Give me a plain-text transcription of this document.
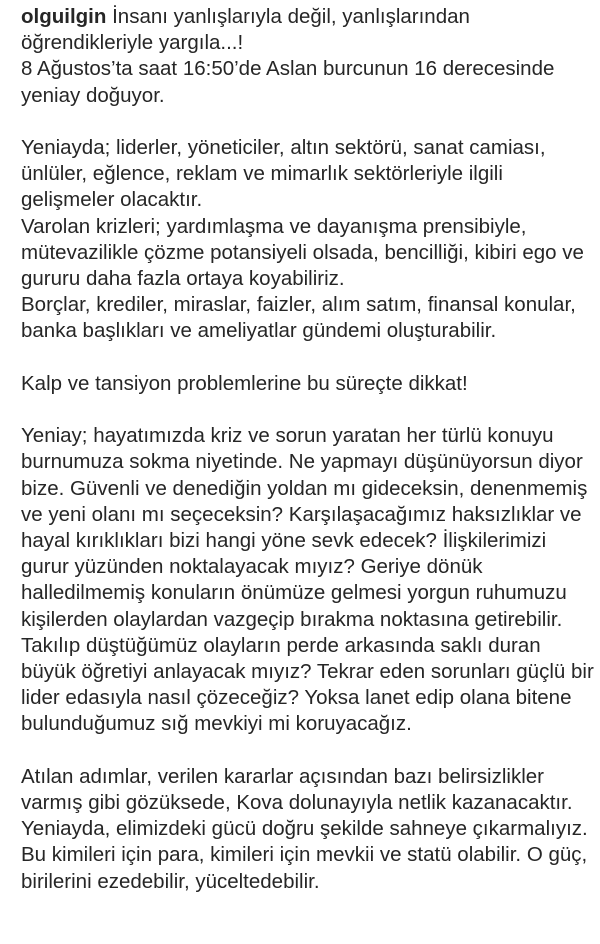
olguilgin İnsanı yanlışlarıyla değil, yanlışlarından
öğrendikleriyle yargıla...!
8 Ağustos’ta saat 16:50’de Aslan burcunun 16 derecesinde
yeniay doğuyor.
Yeniayda; liderler, yöneticiler, altın sektörü, sanat camiası,
ünlüler, eğlence, reklam ve mimarlık sektörleriyle ilgili
gelişmeler olacaktır.
Varolan krizleri; yardımlaşma ve dayanışma prensibiyle,
mütevazilikle çözme potansiyeli olsada, bencilliği, kibiri ego ve
gururu daha fazla ortaya koyabiliriz.
Borçlar, krediler, miraslar, faizler, alım satım, finansal konular,
banka başlıkları ve ameliyatlar gündemi oluşturabilir.
Kalp ve tansiyon problemlerine bu süreçte dikkat!
Yeniay; hayatımızda kriz ve sorun yaratan her türlü konuyu
burnumuza sokma niyetinde. Ne yapmayı düşünüyorsun diyor
bize. Güvenli ve denediğin yoldan mı gideceksin, denenmemiş
ve yeni olanı mı seçeceksin? Karşılaşacağımız haksızlıklar ve
hayal kırıklıkları bizi hangi yöne sevk edecek? İlişkilerimizi
gurur yüzünden noktalayacak mıyız? Geriye dönük
halledilmemiş konuların önümüze gelmesi yorgun ruhumuzu
kişilerden olaylardan vazgeçip bırakma noktasına getirebilir.
Takılıp düştüğümüz olayların perde arkasında saklı duran
büyük öğretiyi anlayacak mıyız? Tekrar eden sorunları güçlü bir
lider edasıyla nasıl çözeceğiz? Yoksa lanet edip olana bitene
bulunduğumuz sığ mevkiyi mi koruyacağız.
Atılan adımlar, verilen kararlar açısından bazı belirsizlikler
varmış gibi gözüksede, Kova dolunayıyla netlik kazanacaktır.
Yeniayda, elimizdeki gücü doğru şekilde sahneye çıkarmalıyız.
Bu kimileri için para, kimileri için mevkii ve statü olabilir. O güç,
birilerini ezedebilir, yüceltedebilir.
